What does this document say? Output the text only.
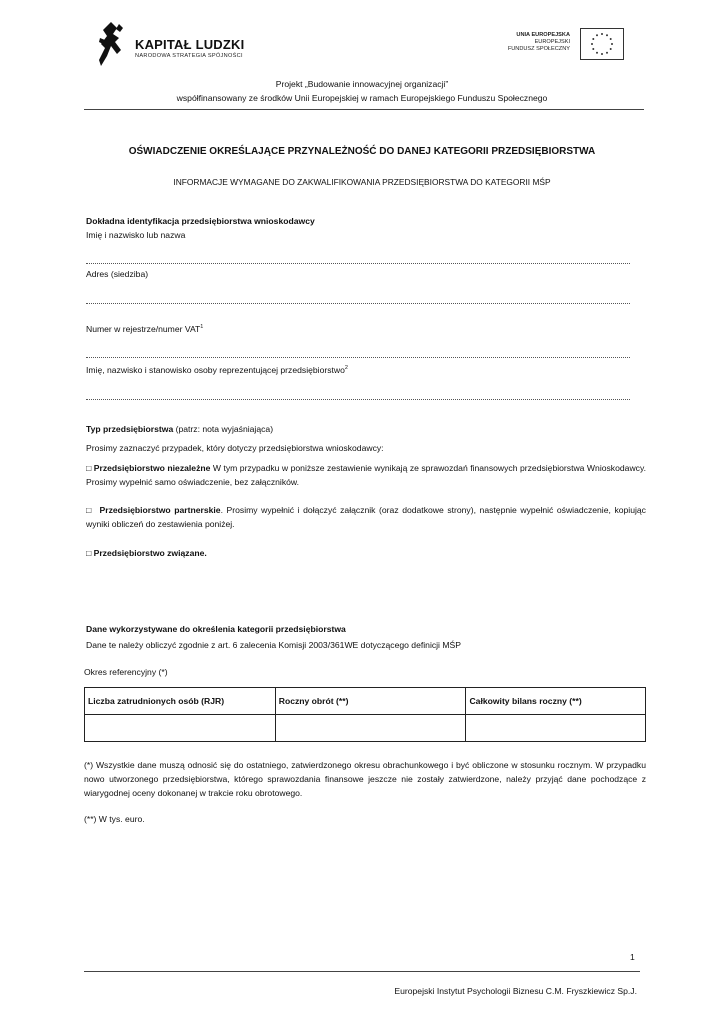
KAPITAŁ LUDZKI
NARODOWA STRATEGIA SPÓJNOŚCI
UNIA EUROPEJSKA
EUROPEJSKI
FUNDUSZ SPOŁECZNY
Projekt „Budowanie innowacyjnej organizacji”
współfinansowany ze środków Unii Europejskiej w ramach Europejskiego Funduszu Społecznego
OŚWIADCZENIE OKREŚLAJĄCE PRZYNALEŻNOŚĆ DO DANEJ KATEGORII PRZEDSIĘBIORSTWA
INFORMACJE WYMAGANE DO ZAKWALIFIKOWANIA PRZEDSIĘBIORSTWA DO KATEGORII MŚP
Dokładna identyfikacja przedsiębiorstwa wnioskodawcy
Imię i nazwisko lub nazwa
Adres (siedziba)
Numer w rejestrze/numer VAT$^1$
Imię, nazwisko i stanowisko osoby reprezentującej przedsiębiorstwo$^2$
Typ przedsiębiorstwa (patrz: nota wyjaśniająca)
Prosimy zaznaczyć przypadek, który dotyczy przedsiębiorstwa wnioskodawcy:
□ Przedsiębiorstwo niezależne W tym przypadku w poniższe zestawienie wynikają ze sprawozdań finansowych przedsiębiorstwa Wnioskodawcy. Prosimy wypełnić samo oświadczenie, bez załączników.
□ Przedsiębiorstwo partnerskie. Prosimy wypełnić i dołączyć załącznik (oraz dodatkowe strony), następnie wypełnić oświadczenie, kopiując wyniki obliczeń do zestawienia poniżej.
□ Przedsiębiorstwo związane.
Dane wykorzystywane do określenia kategorii przedsiębiorstwa
Dane te należy obliczyć zgodnie z art. 6 zalecenia Komisji 2003/361WE dotyczącego definicji MŚP
Okres referencyjny (*)
Liczba zatrudnionych osób (RJR)	Roczny obrót (**)	Całkowity bilans roczny (**)

(*) Wszystkie dane muszą odnosić się do ostatniego, zatwierdzonego okresu obrachunkowego i być obliczone w stosunku rocznym. W przypadku nowo utworzonego przedsiębiorstwa, którego sprawozdania finansowe jeszcze nie zostały zatwierdzone, należy przyjąć dane pochodzące z wiarygodnej oceny dokonanej w trakcie roku obrotowego.
(**) W tys. euro.
1
Europejski Instytut Psychologii Biznesu C.M. Fryszkiewicz Sp.J.
